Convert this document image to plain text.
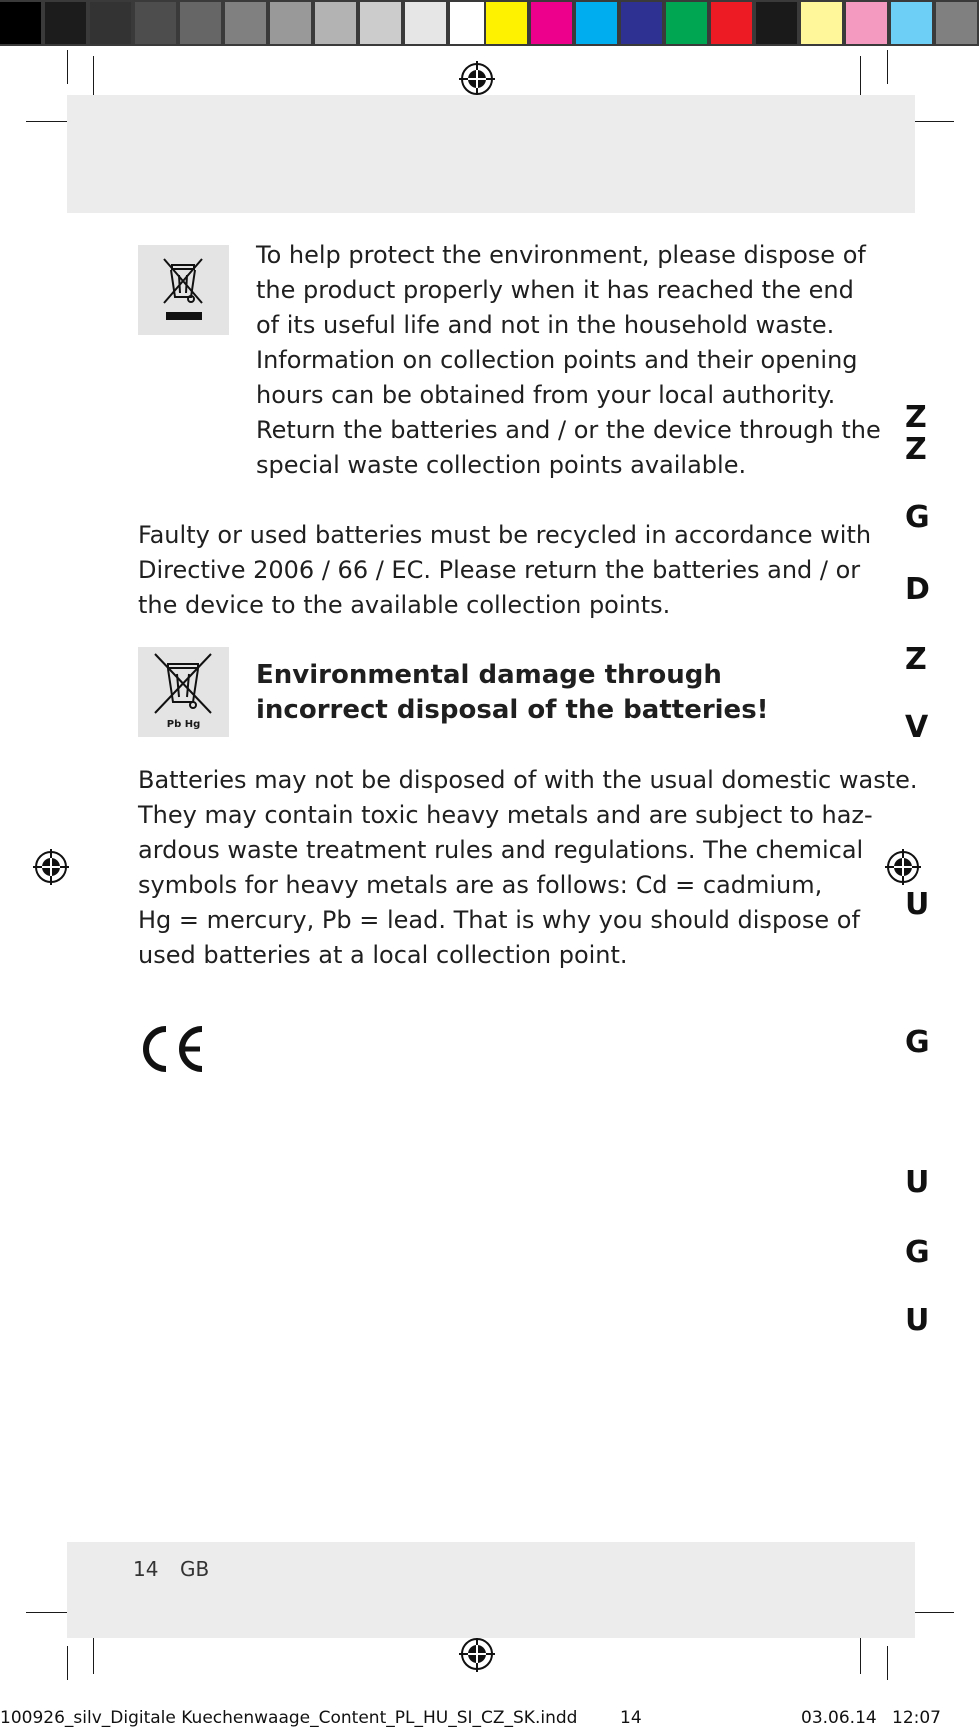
To help protect the environment, please dispose of
the product properly when it has reached the end
of its useful life and not in the household waste.
Information on collection points and their opening
hours can be obtained from your local authority.
Return the batteries and / or the device through the
special waste collection points available.
Faulty or used batteries must be recycled in accordance with
Directive 2006 / 66 / EC. Please return the batteries and / or
the device to the available collection points.
Pb Hg
Environmental damage through
incorrect disposal of the batteries!
Batteries may not be disposed of with the usual domestic waste.
They may contain toxic heavy metals and are subject to haz-
ardous waste treatment rules and regulations. The chemical
symbols for heavy metals are as follows: Cd = cadmium,
Hg = mercury, Pb = lead. That is why you should dispose of
used batteries at a local collection point.
Z
Z
G
D
Z
V
U
G
U
G
U
14 GB
100926_silv_Digitale Kuechenwaage_Content_PL_HU_SI_CZ_SK.indd	14	03.06.14 12:07
